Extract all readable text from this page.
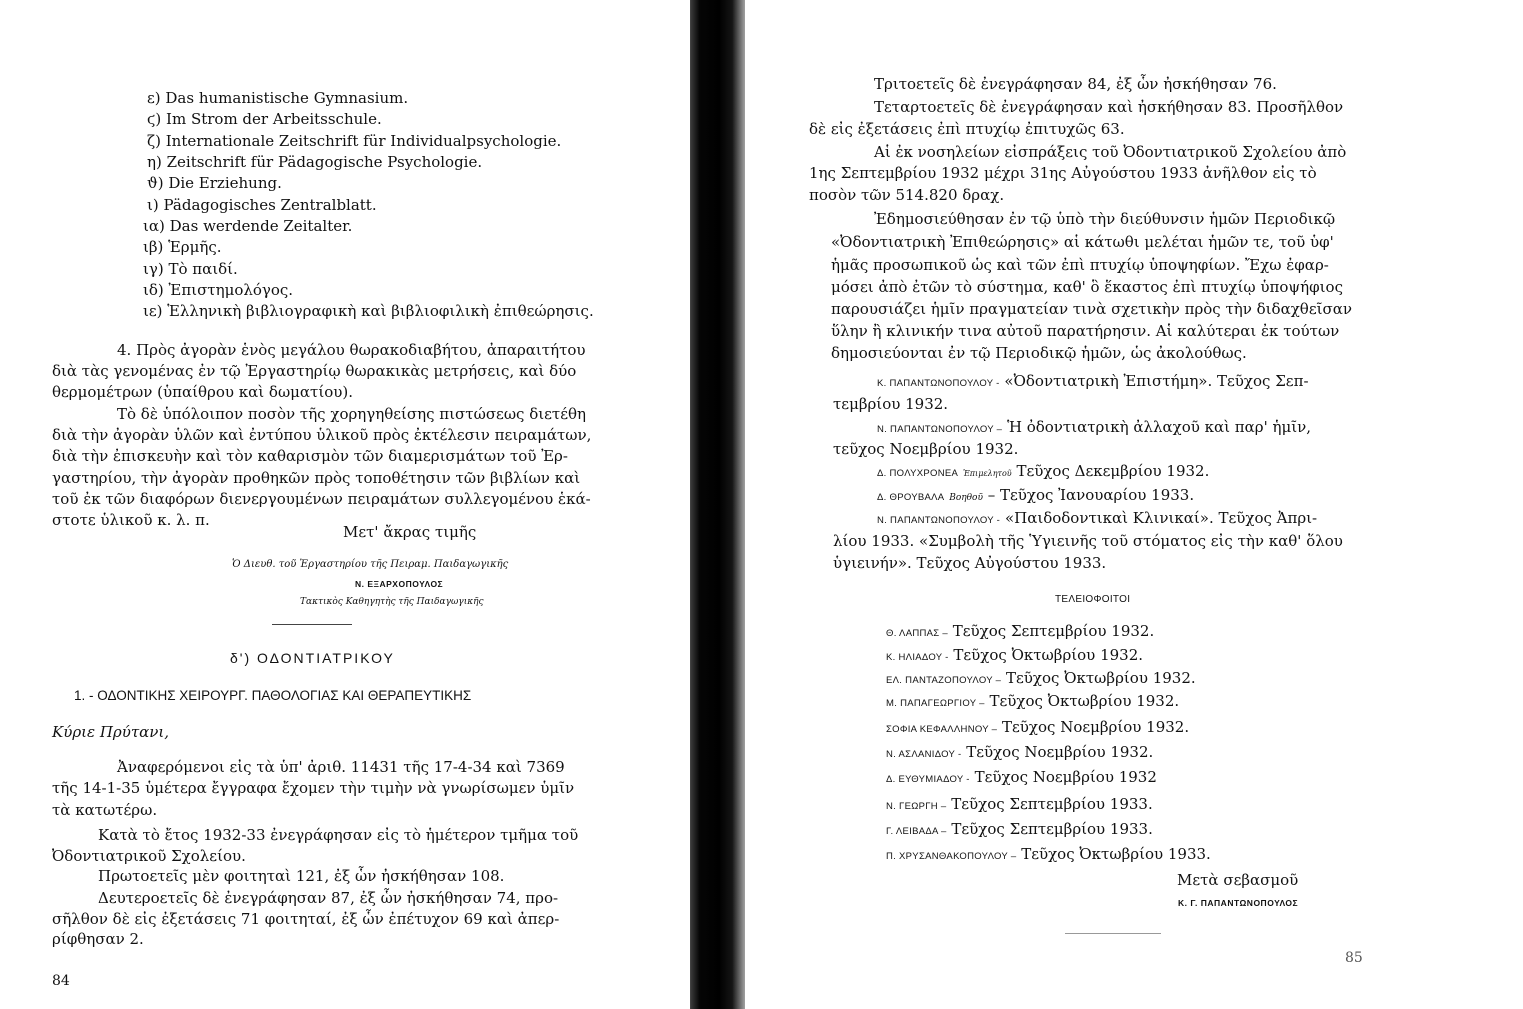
ε) Das humanistische Gymnasium.
ϛ) Im Strom der Arbeitsschule.
ζ) Internationale Zeitschrift für Individualpsychologie.
η) Zeitschrift für Pädagogische Psychologie.
ϑ) Die Erziehung.
ι) Pädagogisches Zentralblatt.
ια) Das werdende Zeitalter.
ιβ) Ἑρμῆς.
ιγ) Τὸ παιδί.
ιδ) Ἐπιστημολόγος.
ιε) Ἑλληνικὴ βιβλιογραφικὴ καὶ βιβλιοφιλικὴ ἐπιθεώρησις.
4. Πρὸς ἀγορὰν ἑνὸς μεγάλου θωρακοδιαβήτου, ἀπαραιτήτου
διὰ τὰς γενομένας ἐν τῷ Ἐργαστηρίῳ θωρακικὰς μετρήσεις, καὶ δύο
θερμομέτρων (ὑπαίθρου καὶ δωματίου).
Τὸ δὲ ὑπόλοιπον ποσὸν τῆς χορηγηθείσης πιστώσεως διετέθη
διὰ τὴν ἀγορὰν ὑλῶν καὶ ἐντύπου ὑλικοῦ πρὸς ἐκτέλεσιν πειραμάτων,
διὰ τὴν ἐπισκευὴν καὶ τὸν καθαρισμὸν τῶν διαμερισμάτων τοῦ Ἐρ-
γαστηρίου, τὴν ἀγορὰν προθηκῶν πρὸς τοποθέτησιν τῶν βιβλίων καὶ
τοῦ ἐκ τῶν διαφόρων διενεργουμένων πειραμάτων συλλεγομένου ἑκά-
στοτε ὑλικοῦ κ. λ. π.
Μετ' ἄκρας τιμῆς
Ὁ Διευθ. τοῦ Ἐργαστηρίου τῆς Πειραμ. Παιδαγωγικῆς
Ν. ΕΞΑΡΧΟΠΟΥΛΟΣ
Τακτικὸς Καθηγητὴς τῆς Παιδαγωγικῆς
δ') ΟΔΟΝΤΙΑΤΡΙΚΟΥ
1. - ΟΔΟΝΤΙΚΗΣ ΧΕΙΡΟΥΡΓ. ΠΑΘΟΛΟΓΙΑΣ ΚΑΙ ΘΕΡΑΠΕΥΤΙΚΗΣ
Κύριε Πρύτανι,
Ἀναφερόμενοι εἰς τὰ ὑπ' ἀριθ. 11431 τῆς 17-4-34 καὶ 7369
τῆς 14-1-35 ὑμέτερα ἔγγραφα ἔχομεν τὴν τιμὴν νὰ γνωρίσωμεν ὑμῖν
τὰ κατωτέρω.
Κατὰ τὸ ἔτος 1932-33 ἐνεγράφησαν εἰς τὸ ἡμέτερον τμῆμα τοῦ
Ὀδοντιατρικοῦ Σχολείου.
Πρωτοετεῖς μὲν φοιτηταὶ 121, ἐξ ὧν ἠσκήθησαν 108.
Δευτεροετεῖς δὲ ἐνεγράφησαν 87, ἐξ ὧν ἠσκήθησαν 74, προ-
σῆλθον δὲ εἰς ἐξετάσεις 71 φοιτηταί, ἐξ ὧν ἐπέτυχον 69 καὶ ἀπερ-
ρίφθησαν 2.
84
Τριτοετεῖς δὲ ἐνεγράφησαν 84, ἐξ ὧν ἠσκήθησαν 76.
Τεταρτοετεῖς δὲ ἐνεγράφησαν καὶ ἠσκήθησαν 83. Προσῆλθον
δὲ εἰς ἐξετάσεις ἐπὶ πτυχίῳ ἐπιτυχῶς 63.
Αἱ ἐκ νοσηλείων εἰσπράξεις τοῦ Ὀδοντιατρικοῦ Σχολείου ἀπὸ
1ης Σεπτεμβρίου 1932 μέχρι 31ης Αὐγούστου 1933 ἀνῆλθον εἰς τὸ
ποσὸν τῶν 514.820 δραχ.
Ἐδημοσιεύθησαν ἐν τῷ ὑπὸ τὴν διεύθυνσιν ἡμῶν Περιοδικῷ
«Ὀδοντιατρικὴ Ἐπιθεώρησις» αἱ κάτωθι μελέται ἡμῶν τε, τοῦ ὑφ'
ἡμᾶς προσωπικοῦ ὡς καὶ τῶν ἐπὶ πτυχίῳ ὑποψηφίων. Ἔχω ἐφαρ-
μόσει ἀπὸ ἐτῶν τὸ σύστημα, καθ' ὃ ἕκαστος ἐπὶ πτυχίῳ ὑποψήφιος
παρουσιάζει ἡμῖν πραγματείαν τινὰ σχετικὴν πρὸς τὴν διδαχθεῖσαν
ὕλην ἢ κλινικήν τινα αὐτοῦ παρατήρησιν. Αἱ καλύτεραι ἐκ τούτων
δημοσιεύονται ἐν τῷ Περιοδικῷ ἡμῶν, ὡς ἀκολούθως.
Κ. ΠΑΠΑΝΤΩΝΟΠΟΥΛΟΥ - «Ὀδοντιατρικὴ Ἐπιστήμη». Τεῦχος Σεπ-
τεμβρίου 1932.
Ν. ΠΑΠΑΝΤΩΝΟΠΟΥΛΟΥ – Ἡ ὀδοντιατρικὴ ἀλλαχοῦ καὶ παρ' ἡμῖν,
τεῦχος Νοεμβρίου 1932.
Δ. ΠΟΛΥΧΡΟΝΕΑ Ἐπιμελητοῦ Τεῦχος Δεκεμβρίου 1932.
Δ. ΘΡΟΥΒΑΛΑ Βοηθοῦ – Τεῦχος Ἰανουαρίου 1933.
Ν. ΠΑΠΑΝΤΩΝΟΠΟΥΛΟΥ - «Παιδοδοντικαὶ Κλινικαί». Τεῦχος Ἀπρι-
λίου 1933. «Συμβολὴ τῆς Ὑγιεινῆς τοῦ στόματος εἰς τὴν καθ' ὅλου
ὑγιεινήν». Τεῦχος Αὐγούστου 1933.
ΤΕΛΕΙΟΦΟΙΤΟΙ
Θ. ΛΑΠΠΑΣ – Τεῦχος Σεπτεμβρίου 1932.
Κ. ΗΛΙΑΔΟΥ - Τεῦχος Ὀκτωβρίου 1932.
ΕΛ. ΠΑΝΤΑΖΟΠΟΥΛΟΥ – Τεῦχος Ὀκτωβρίου 1932.
Μ. ΠΑΠΑΓΕΩΡΓΙΟΥ – Τεῦχος Ὀκτωβρίου 1932.
ΣΟΦΙΑ ΚΕΦΑΛΛΗΝΟΥ – Τεῦχος Νοεμβρίου 1932.
Ν. ΑΣΛΑΝΙΔΟΥ - Τεῦχος Νοεμβρίου 1932.
Δ. ΕΥΘΥΜΙΑΔΟΥ - Τεῦχος Νοεμβρίου 1932
Ν. ΓΕΩΡΓΗ – Τεῦχος Σεπτεμβρίου 1933.
Γ. ΛΕΙΒΑΔΑ – Τεῦχος Σεπτεμβρίου 1933.
Π. ΧΡΥΣΑΝΘΑΚΟΠΟΥΛΟΥ – Τεῦχος Ὀκτωβρίου 1933.
Μετὰ σεβασμοῦ
Κ. Γ. ΠΑΠΑΝΤΩΝΟΠΟΥΛΟΣ
85
